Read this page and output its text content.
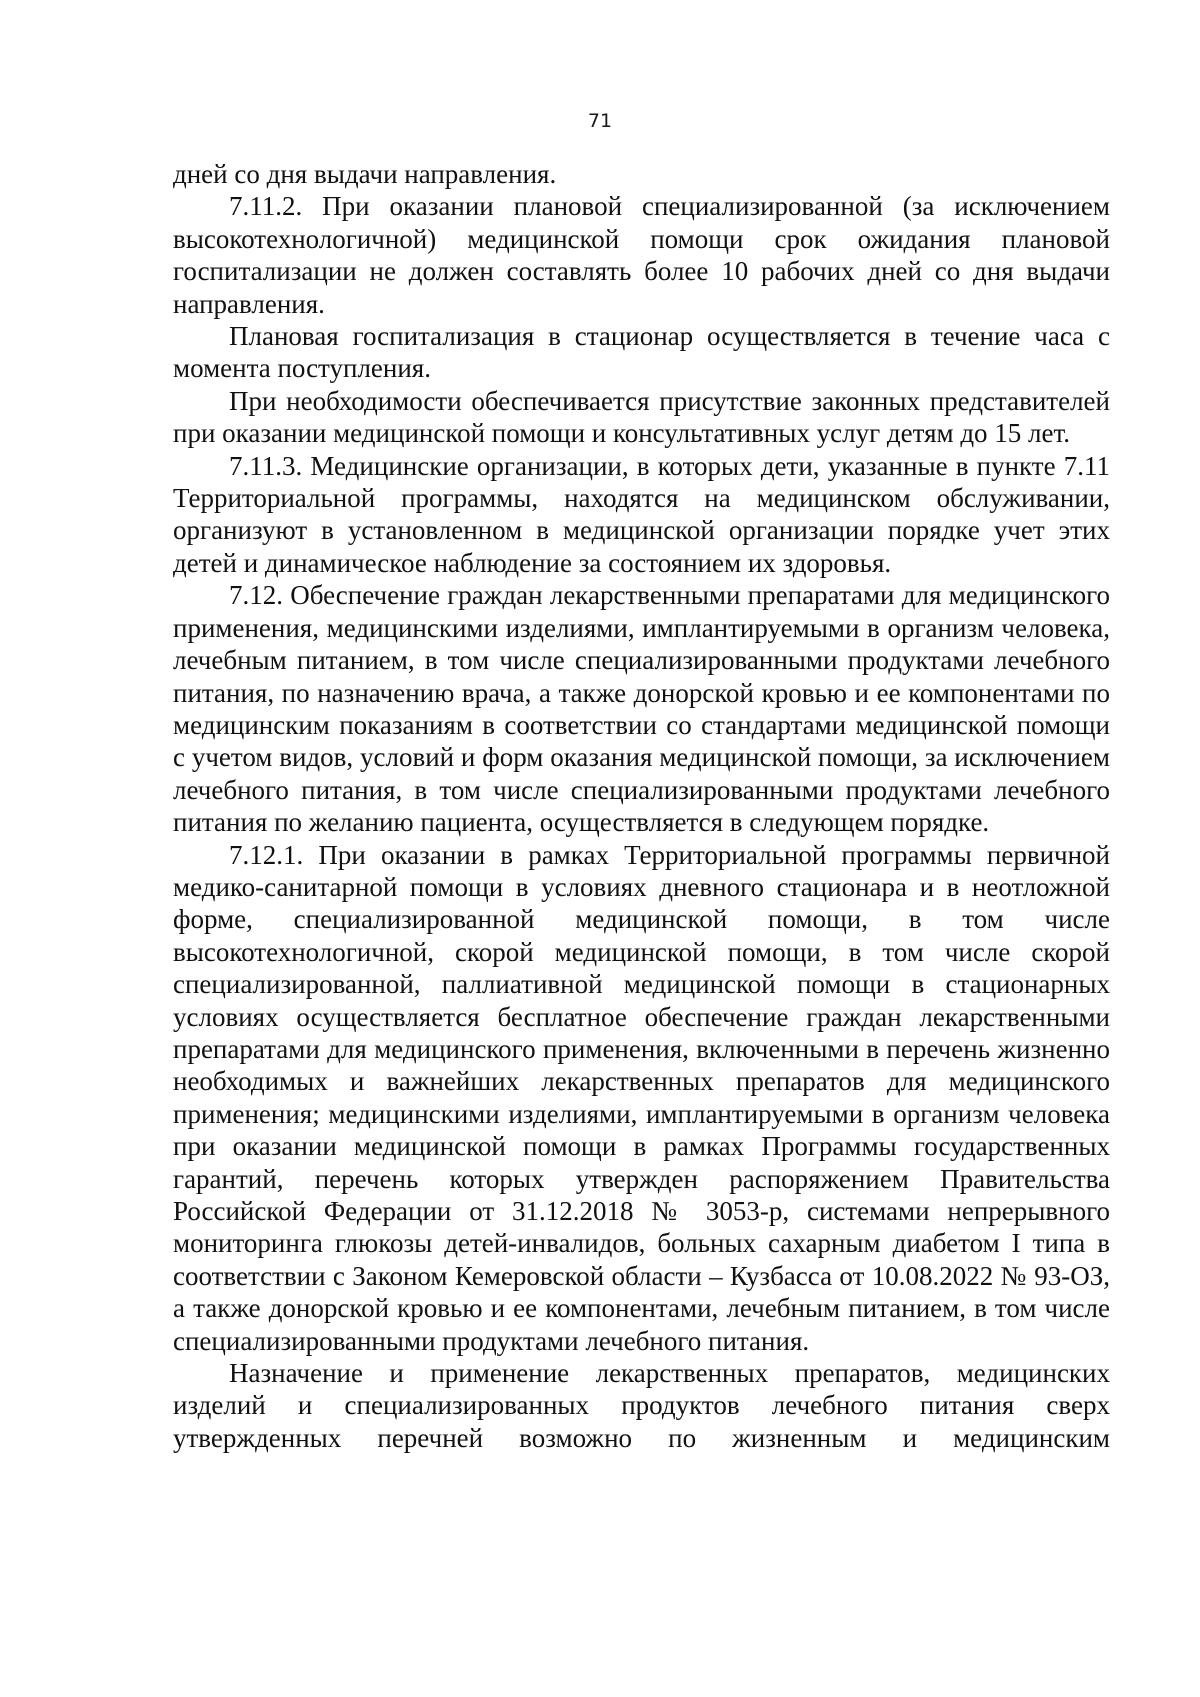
71

дней со дня выдачи направления.

7.11.2. При оказании плановой специализированной (за исключением высокотехнологичной) медицинской помощи срок ожидания плановой госпитализации не должен составлять более 10 рабочих дней со дня выдачи направления.

Плановая госпитализация в стационар осуществляется в течение часа с момента поступления.

При необходимости обеспечивается присутствие законных представителей при оказании медицинской помощи и консультативных услуг детям до 15 лет.

7.11.3. Медицинские организации, в которых дети, указанные в пункте 7.11 Территориальной программы, находятся на медицинском обслуживании, организуют в установленном в медицинской организации порядке учет этих детей и динамическое наблюдение за состоянием их здоровья.

7.12. Обеспечение граждан лекарственными препаратами для медицинского применения, медицинскими изделиями, имплантируемыми в организм человека, лечебным питанием, в том числе специализированными продуктами лечебного питания, по назначению врача, а также донорской кровью и ее компонентами по медицинским показаниям в соответствии со стандартами медицинской помощи с учетом видов, условий и форм оказания медицинской помощи, за исключением лечебного питания, в том числе специализированными продуктами лечебного питания по желанию пациента, осуществляется в следующем порядке.

7.12.1. При оказании в рамках Территориальной программы первичной медико-санитарной помощи в условиях дневного стационара и в неотложной форме, специализированной медицинской помощи, в том числе высокотехнологичной, скорой медицинской помощи, в том числе скорой специализированной, паллиативной медицинской помощи в стационарных условиях осуществляется бесплатное обеспечение граждан лекарственными препаратами для медицинского применения, включенными в перечень жизненно необходимых и важнейших лекарственных препаратов для медицинского применения; медицинскими изделиями, имплантируемыми в организм человека при оказании медицинской помощи в рамках Программы государственных гарантий, перечень которых утвержден распоряжением Правительства Российской Федерации от 31.12.2018 № 3053-р, системами непрерывного мониторинга глюкозы детей-инвалидов, больных сахарным диабетом I типа в соответствии с Законом Кемеровской области – Кузбасса от 10.08.2022 № 93-ОЗ, а также донорской кровью и ее компонентами, лечебным питанием, в том числе специализированными продуктами лечебного питания.

Назначение и применение лекарственных препаратов, медицинских изделий и специализированных продуктов лечебного питания сверх утвержденных перечней возможно по жизненным и медицинским
